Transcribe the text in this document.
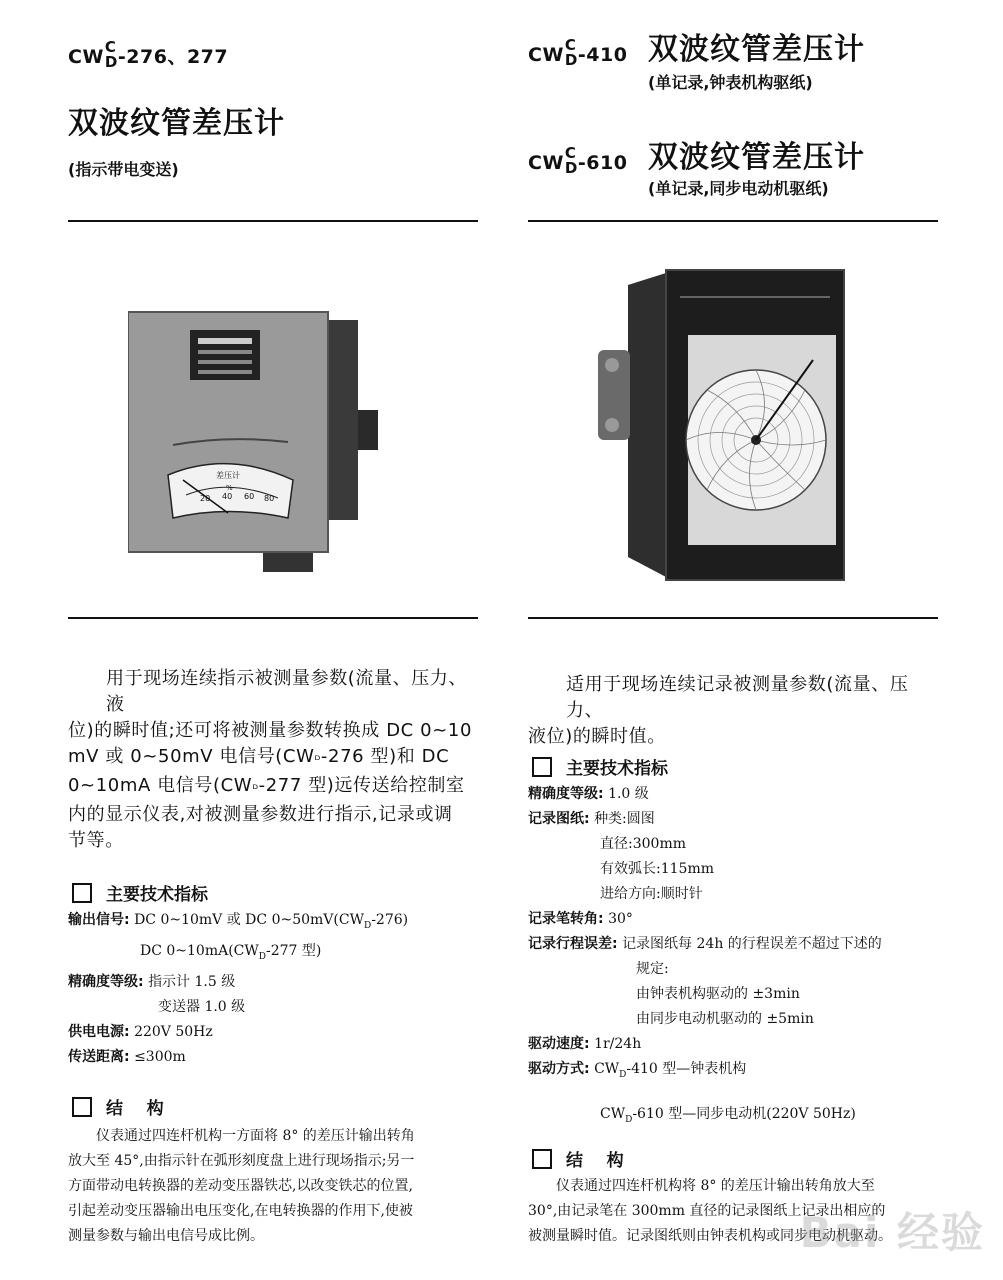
CW C
D -276、277
双波纹管差压计
(指示带电变送)
差压计
%
20 40 60 80
用于现场连续指示被测量参数(流量、压力、液
位)的瞬时值;还可将被测量参数转换成 DC 0~10
mV 或 0~50mV 电信号(CWᴰ-276 型)和 DC
0~10mA 电信号(CWᴰ-277 型)远传送给控制室
内的显示仪表,对被测量参数进行指示,记录或调
节等。
主要技术指标
输出信号: DC 0~10mV 或 DC $0\sim 50mV(CW_D-276)$
DC $0\sim 10mA(CW_D-277$ 型)
精确度等级: 指示计 1.5 级
变送器 1.0 级
供电电源: 220V 50Hz
传送距离: ≤300m
结    构
仪表通过四连杆机构一方面将 8° 的差压计输出转角
放大至 45°,由指示针在弧形刻度盘上进行现场指示;另一
方面带动电转换器的差动变压器铁芯,以改变铁芯的位置,
引起差动变压器输出电压变化,在电转换器的作用下,使被
测量参数与输出电信号成比例。
CW C
D -410 双波纹管差压计
(单记录,钟表机构驱纸)
CW C
D -610 双波纹管差压计
(单记录,同步电动机驱纸)
适用于现场连续记录被测量参数(流量、压力、
液位)的瞬时值。
主要技术指标
精确度等级: 1.0 级
记录图纸: 种类:圆图
直径:300mm
有效弧长:115mm
进给方向:顺时针
记录笔转角: 30°
记录行程误差: 记录图纸每 24h 的行程误差不超过下述的
规定:
由钟表机构驱动的 ±3min
由同步电动机驱动的 ±5min
驱动速度: 1r/24h
驱动方式: $CW_D-410$ 型—钟表机构
$CW_D-610$ 型—同步电动机(220V 50Hz)
结    构
仪表通过四连杆机构将 8° 的差压计输出转角放大至
30°,由记录笔在 300mm 直径的记录图纸上记录出相应的
被测量瞬时值。记录图纸则由钟表机构或同步电动机驱动。
Bai 经验
